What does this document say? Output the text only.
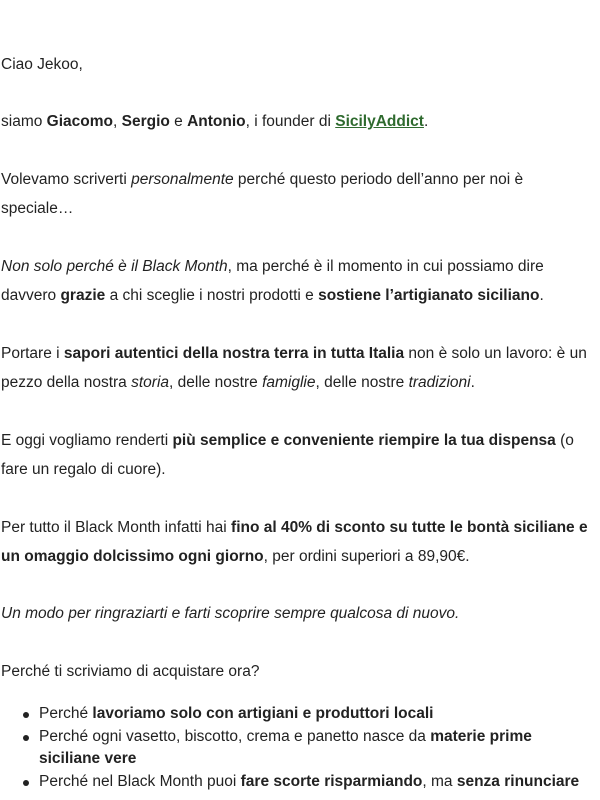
Ciao Jekoo,

siamo Giacomo, Sergio e Antonio, i founder di SicilyAddict.

Volevamo scriverti personalmente perché questo periodo dell’anno per noi è speciale…

Non solo perché è il Black Month, ma perché è il momento in cui possiamo dire davvero grazie a chi sceglie i nostri prodotti e sostiene l’artigianato siciliano.

Portare i sapori autentici della nostra terra in tutta Italia non è solo un lavoro: è un pezzo della nostra storia, delle nostre famiglie, delle nostre tradizioni.

E oggi vogliamo renderti più semplice e conveniente riempire la tua dispensa (o fare un regalo di cuore).

Per tutto il Black Month infatti hai fino al 40% di sconto su tutte le bontà siciliane e un omaggio dolcissimo ogni giorno, per ordini superiori a 89,90€.

Un modo per ringraziarti e farti scoprire sempre qualcosa di nuovo.

Perché ti scriviamo di acquistare ora?

Perché lavoriamo solo con artigiani e produttori locali
Perché ogni vasetto, biscotto, crema e panetto nasce da materie prime siciliane vere
Perché nel Black Month puoi fare scorte risparmiando, ma senza rinunciare
